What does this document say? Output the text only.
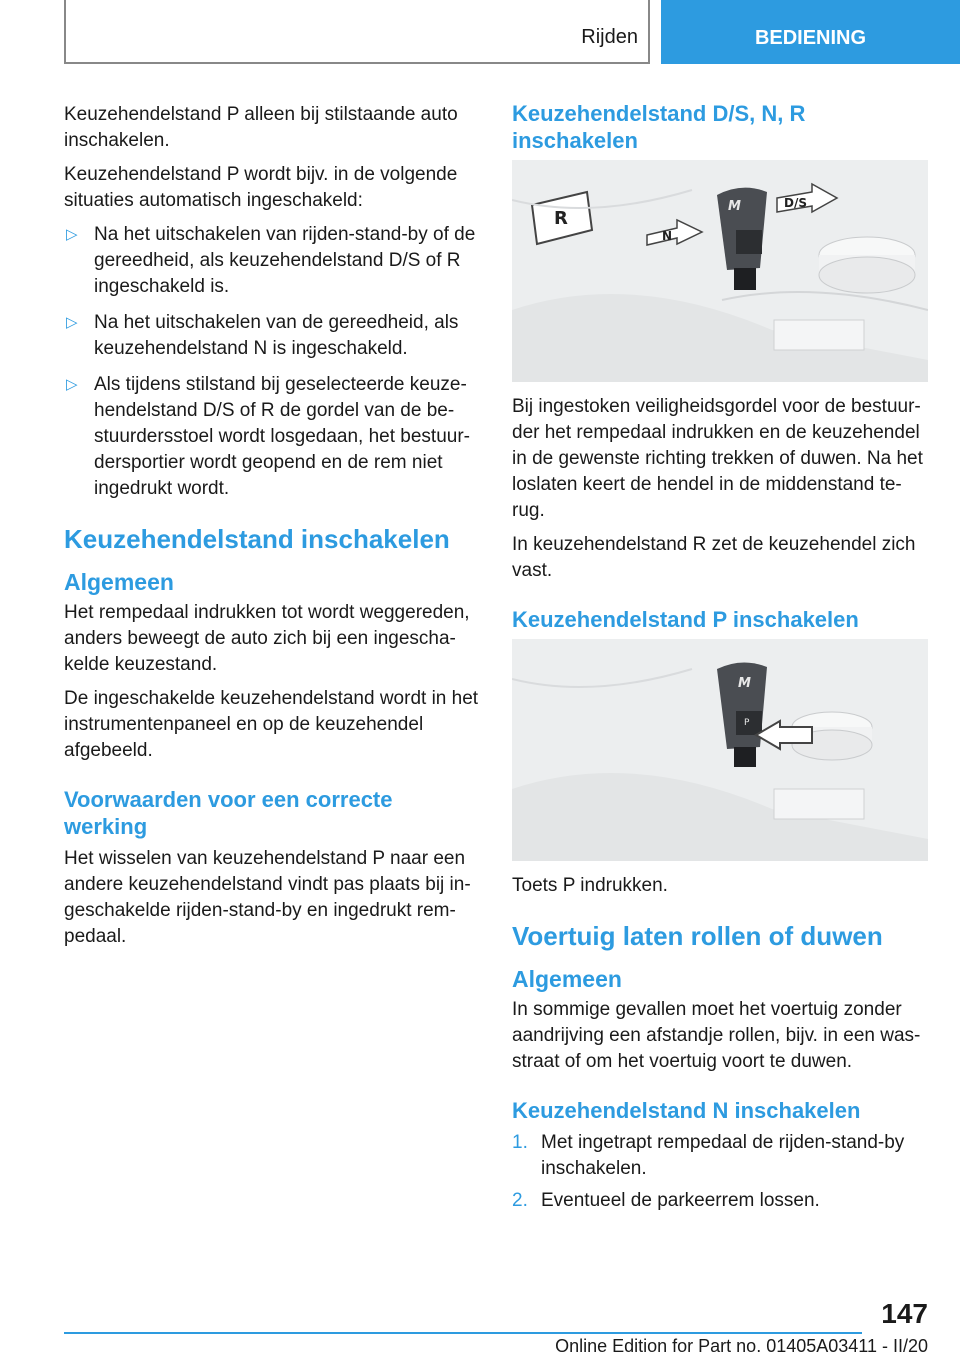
Rijden	BEDIENING

Keuzehendelstand P alleen bij stilstaande auto inschakelen.

Keuzehendelstand P wordt bijv. in de volgende situaties automatisch ingeschakeld:

▷ Na het uitschakelen van rijden-stand-by of de gereedheid, als keuzehendelstand D/S of R ingeschakeld is.
▷ Na het uitschakelen van de gereedheid, als keuzehendelstand N is ingeschakeld.
▷ Als tijdens stilstand bij geselecteerde keuze-hendelstand D/S of R de gordel van de be-stuurdersstoel wordt losgedaan, het bestuur-dersportier wordt geopend en de rem niet ingedrukt wordt.
Keuzehendelstand inschakelen
Algemeen

Het rempedaal indrukken tot wordt weggereden, anders beweegt de auto zich bij een ingescha-kelde keuzestand.

De ingeschakelde keuzehendelstand wordt in het instrumentenpaneel en op de keuzehendel afgebeeld.

Voorwaarden voor een correcte werking

Het wisselen van keuzehendelstand P naar een andere keuzehendelstand vindt pas plaats bij in-geschakelde rijden-stand-by en ingedrukt rem-pedaal.

Keuzehendelstand D/S, N, R inschakelen
R
N
D/S
M

Bij ingestoken veiligheidsgordel voor de bestuur-der het rempedaal indrukken en de keuzehendel in de gewenste richting trekken of duwen. Na het loslaten keert de hendel in de middenstand te-rug.

In keuzehendelstand R zet de keuzehendel zich vast.

Keuzehendelstand P inschakelen
P
M

Toets P indrukken.

Voertuig laten rollen of duwen
Algemeen

In sommige gevallen moet het voertuig zonder aandrijving een afstandje rollen, bijv. in een was-straat of om het voertuig voort te duwen.

Keuzehendelstand N inschakelen
1. Met ingetrapt rempedaal de rijden-stand-by inschakelen.
2. Eventueel de parkeerrem lossen.
147
Online Edition for Part no. 01405A03411 - II/20
